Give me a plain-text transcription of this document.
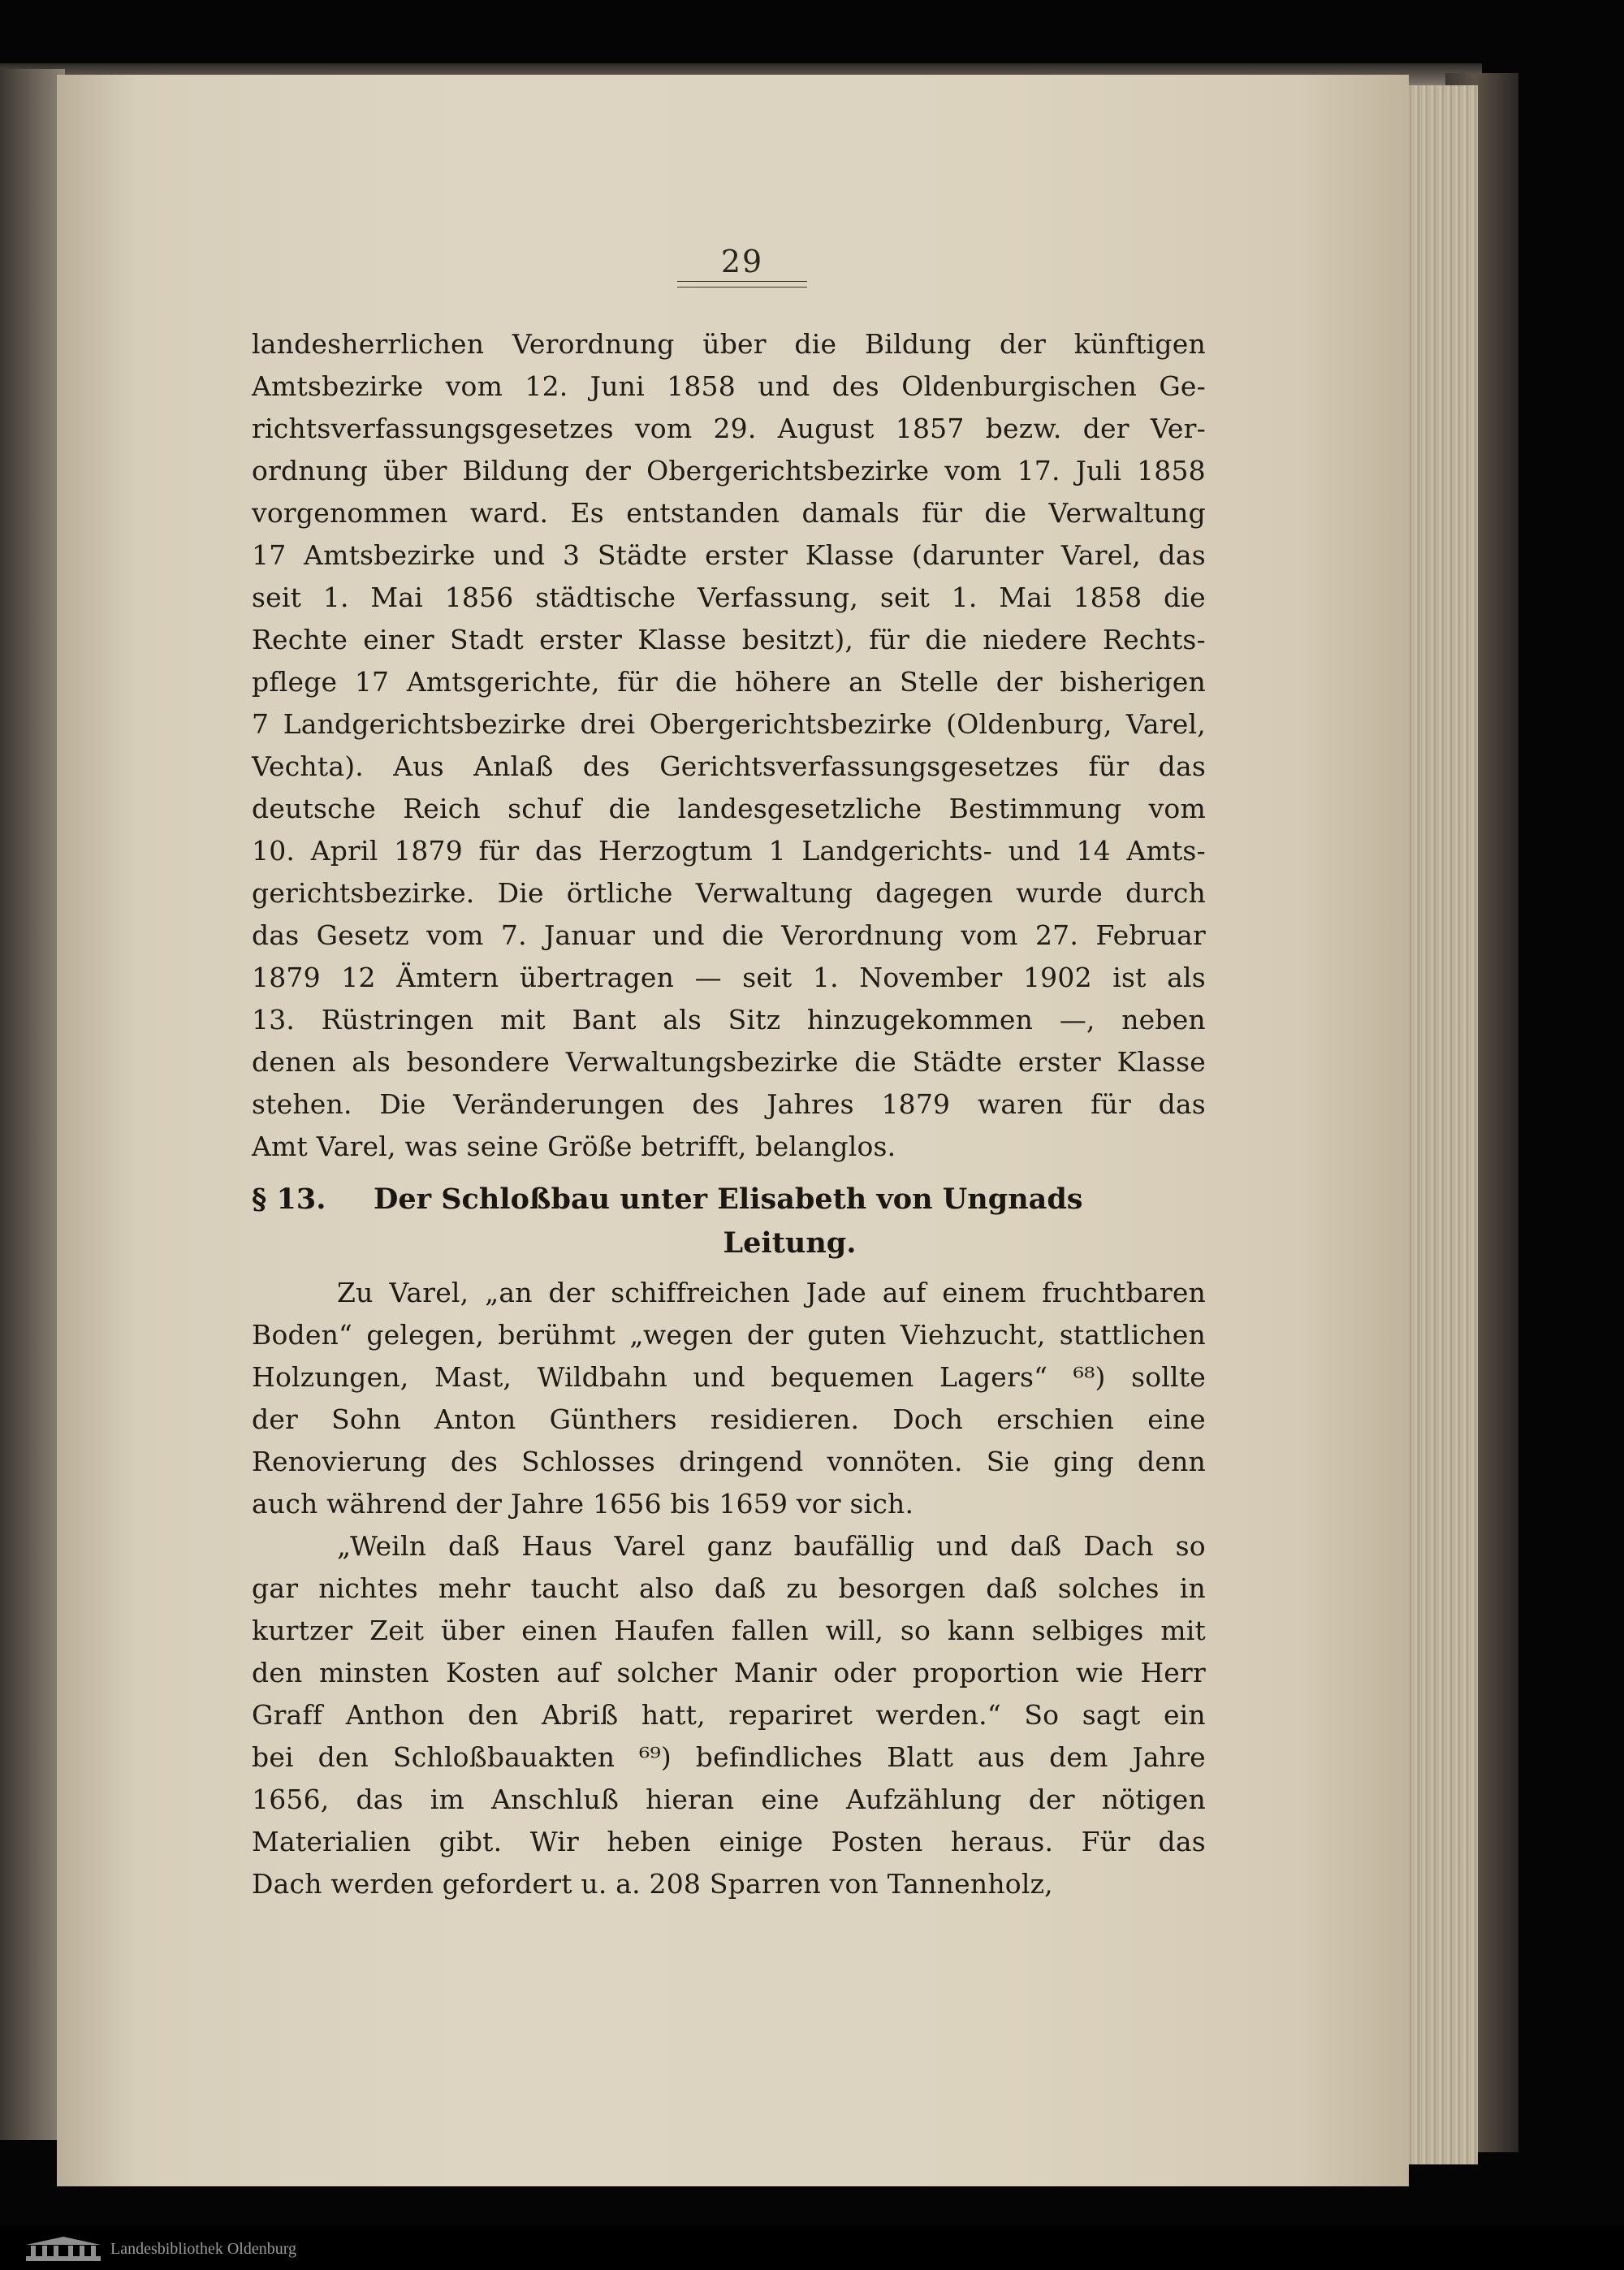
29
landesherrlichen Verordnung über die Bildung der künftigen
Amtsbezirke vom 12. Juni 1858 und des Oldenburgischen Ge-
richtsverfassungsgesetzes vom 29. August 1857 bezw. der Ver-
ordnung über Bildung der Obergerichtsbezirke vom 17. Juli 1858
vorgenommen ward. Es entstanden damals für die Verwaltung
17 Amtsbezirke und 3 Städte erster Klasse (darunter Varel, das
seit 1. Mai 1856 städtische Verfassung, seit 1. Mai 1858 die
Rechte einer Stadt erster Klasse besitzt), für die niedere Rechts-
pflege 17 Amtsgerichte, für die höhere an Stelle der bisherigen
7 Landgerichtsbezirke drei Obergerichtsbezirke (Oldenburg, Varel,
Vechta). Aus Anlaß des Gerichtsverfassungsgesetzes für das
deutsche Reich schuf die landesgesetzliche Bestimmung vom
10. April 1879 für das Herzogtum 1 Landgerichts- und 14 Amts-
gerichtsbezirke. Die örtliche Verwaltung dagegen wurde durch
das Gesetz vom 7. Januar und die Verordnung vom 27. Februar
1879 12 Ämtern übertragen — seit 1. November 1902 ist als
13. Rüstringen mit Bant als Sitz hinzugekommen —, neben
denen als besondere Verwaltungsbezirke die Städte erster Klasse
stehen. Die Veränderungen des Jahres 1879 waren für das
Amt Varel, was seine Größe betrifft, belanglos.
§ 13. Der Schloßbau unter Elisabeth von Ungnads
Leitung.
Zu Varel, „an der schiffreichen Jade auf einem fruchtbaren
Boden“ gelegen, berühmt „wegen der guten Viehzucht, stattlichen
Holzungen, Mast, Wildbahn und bequemen Lagers“ ⁶⁸) sollte
der Sohn Anton Günthers residieren. Doch erschien eine
Renovierung des Schlosses dringend vonnöten. Sie ging denn
auch während der Jahre 1656 bis 1659 vor sich.
„Weiln daß Haus Varel ganz baufällig und daß Dach so
gar nichtes mehr taucht also daß zu besorgen daß solches in
kurtzer Zeit über einen Haufen fallen will, so kann selbiges mit
den minsten Kosten auf solcher Manir oder proportion wie Herr
Graff Anthon den Abriß hatt, repariret werden.“ So sagt ein
bei den Schloßbauakten ⁶⁹) befindliches Blatt aus dem Jahre
1656, das im Anschluß hieran eine Aufzählung der nötigen
Materialien gibt. Wir heben einige Posten heraus. Für das
Dach werden gefordert u. a. 208 Sparren von Tannenholz,
Landesbibliothek Oldenburg
